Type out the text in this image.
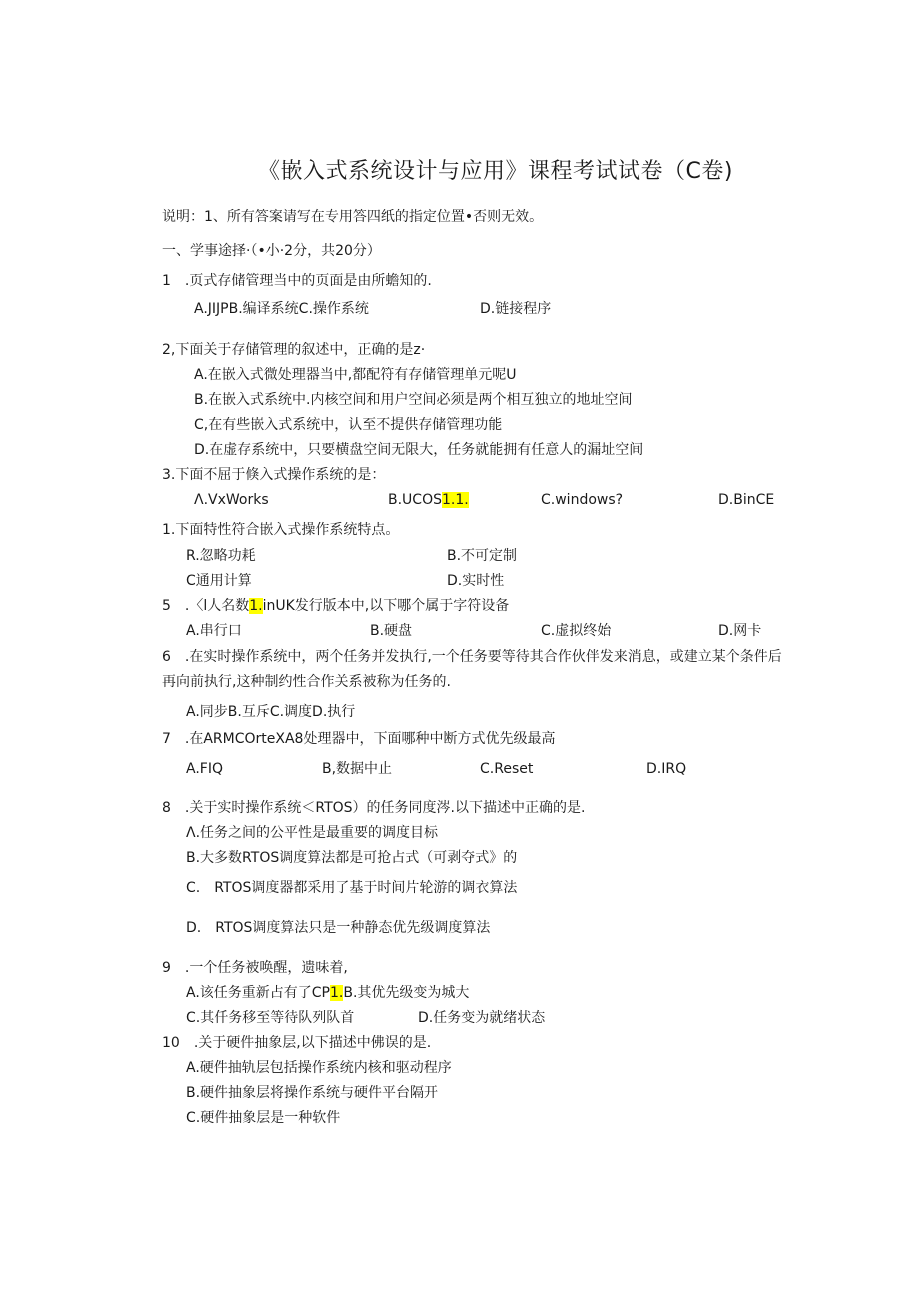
《嵌入式系统设计与应用》课程考试试卷（C卷)
说明：1、所有答案请写在专用答四纸的指定位置•否则无效。
一、学事途择·（•小·2分，共20分）
1　.页式存储管理当中的页面是由所蟾知的.
A.JIJPB.编译系统C.操作系统	D.链接程序
2,下面关于存储管理的叙述中，正确的是z·
A.在嵌入式微处理器当中,都配符有存储管理单元呢U
B.在嵌入式系统中.内核空间和用户空间必须是两个相互独立的地址空间
C,在有些嵌入式系统中，认至不提供存储管理功能
D.在虚存系统中，只要横盘空间无限大，任务就能拥有任意人的漏址空间
3.下面不屈于倏入式操作系统的是：
Λ.VxWorks	B.UCOS1.1.	C.windows?	D.BinCE
1.下面特性符合嵌入式操作系统特点。
R.忽略功耗	B.不可定制
C通用计算	D.实时性
5　.〈l人名数1.inUK发行版本中,以下哪个属于字符设备
A.串行口	B.硬盘	C.虚拟终始	D.网卡
6　.在实时操作系统中，两个任务并发执行,一个任务要等待其合作伙伴发来消息，或建立某个条件后
再向前执行,这种制约性合作关系被称为任务的.
A.同步B.互斥C.调度D.执行
7　.在ARMCOrteXA8处理器中，下面哪种中断方式优先级最高
A.FIQ	B,数据中止	C.Reset	D.IRQ
8　.关于实时操作系统＜RTOS）的任务同度涔.以下描述中正确的是.
Λ.任务之间的公平性是最重要的调度目标
B.大多数RTOS调度算法都是可抢占式（可剥夺式》的
C.　RTOS调度器都采用了基于时间片轮游的调衣算法
D.　RTOS调度算法只是一种静态优先级调度算法
9　.一个任务被唤醒，遗味着,
A.该任务重新占有了CP1.B.其优先级变为城大
C.其仟务移至等待队列队首	D.任务变为就绪状态
10　.关于硬件抽象层,以下描述中佛误的是.
A.硬件抽轨层包括操作系统内核和驱动程序
B.硬件抽象层将操作系统与硬件平台隔开
C.硬件抽象层是一种软件
